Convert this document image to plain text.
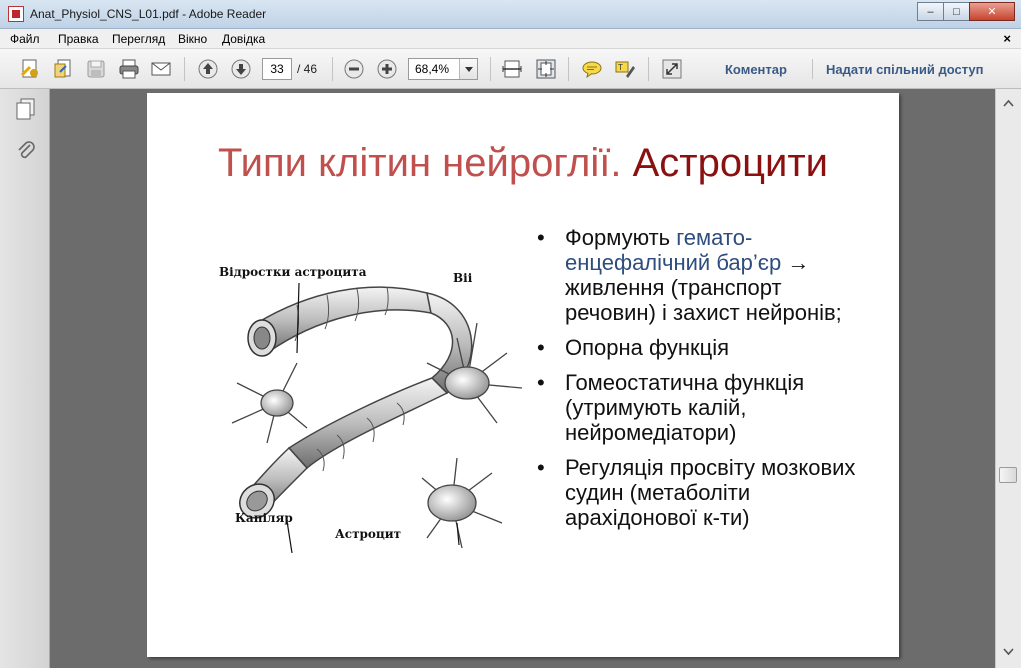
Anat_Physiol_CNS_L01.pdf - Adobe Reader	–	□	✕
Файл Правка Перегляд Вікно Довідка	×
33	/ 46	68,4%	T	Коментар	Надати спільний доступ
Типи клітин нейроглії. Астроцити
Відростки астроцита	Віі
Капіляр
Астроцит
• Формують гемато-енцефалічний бар’єр → живлення (транспорт речовин) і захист нейронів;
• Опорна функція
• Гомеостатична функція (утримують калій, нейромедіатори)
• Регуляція просвіту мозкових судин (метаболіти арахідонової к-ти)
